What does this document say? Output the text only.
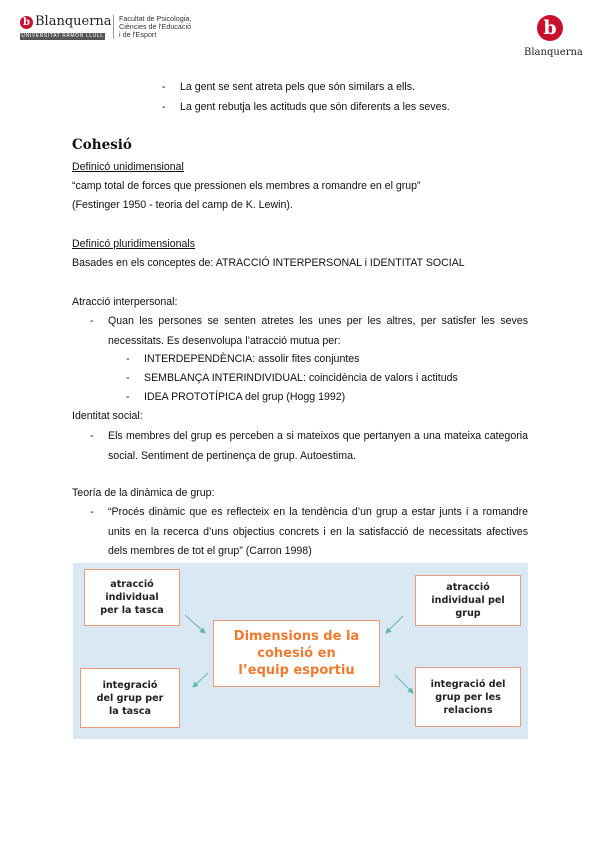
b Blanquerna
UNIVERSITAT RAMON LLULL
Facultat de Psicologia,
Ciències de l'Educació
i de l'Esport	b
Blanquerna
- La gent se sent atreta pels que són similars a ells.
- La gent rebutja les actituds que són diferents a les seves.
Cohesió
Definicó unidimensional
“camp total de forces que pressionen els membres a romandre en el grup”
(Festinger 1950 - teoria del camp de K. Lewin).
Definicó pluridimensionals
Basades en els conceptes de: ATRACCIÓ INTERPERSONAL i IDENTITAT SOCIAL
Atracció interpersonal:
- Quan les persones se senten atretes les unes per les altres, per satisfer les seves necessitats. Es desenvolupa l’atracció mutua per:
- INTERDEPENDÈNCIA: assolir fites conjuntes
- SEMBLANÇA INTERINDIVIDUAL: coincidència de valors i actituds
- IDEA PROTOTÍPICA del grup (Hogg 1992)
Identitat social:
- Els membres del grup es perceben a si mateixos que pertanyen a una mateixa categoria social. Sentiment de pertinença de grup. Autoestima.
Teoría de la dinàmica de grup:
- “Procés dinàmic que es reflecteix en la tendència d’un grup a estar junts i a romandre units en la recerca d’uns objectius concrets i en la satisfacció de necessitats afectives dels membres de tot el grup” (Carron 1998)
atracció individual per la tasca
atracció individual pel grup
integració del grup per la tasca
integració del grup per les relacions
Dimensions de la cohesió en l’equip esportiu
